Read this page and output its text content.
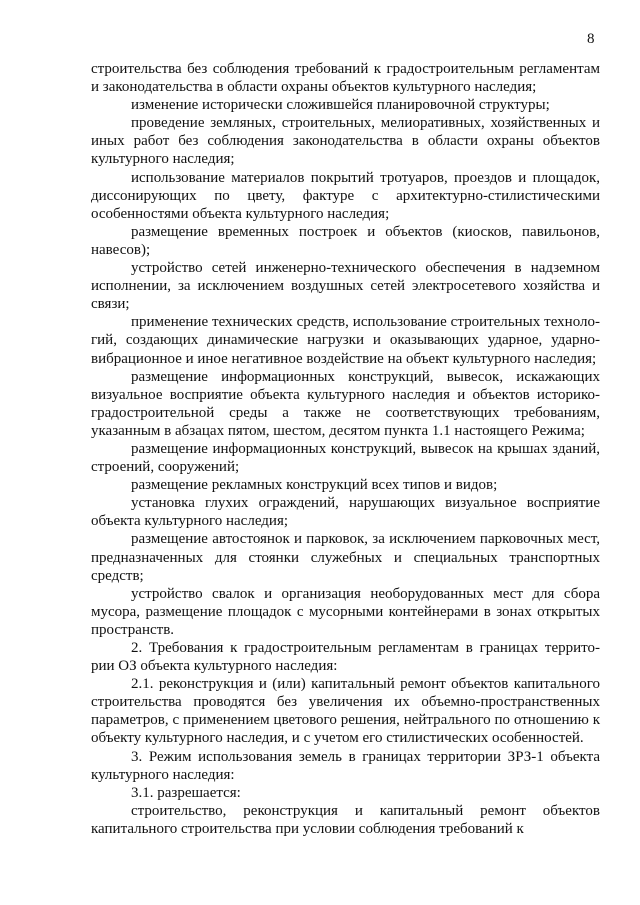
8

строительства без соблюдения требований к градостроительным регламентам и законодательства в области охраны объектов культурного наследия;

изменение исторически сложившейся планировочной структуры;

проведение земляных, строительных, мелиоративных, хозяйственных и иных работ без соблюдения законодательства в области охраны объектов культурного наследия;

использование материалов покрытий тротуаров, проездов и площадок, диссонирующих по цвету, фактуре с архитектурно-стилистическими особенностями объекта культурного наследия;

размещение временных построек и объектов (киосков, павильонов, навесов);

устройство сетей инженерно-технического обеспечения в надземном исполнении, за исключением воздушных сетей электросетевого хозяйства и связи;

применение технических средств, использование строительных техноло-гий, создающих динамические нагрузки и оказывающих ударное, ударно-вибрационное и иное негативное воздействие на объект культурного наследия;

размещение информационных конструкций, вывесок, искажающих визуальное восприятие объекта культурного наследия и объектов историко-градостроительной среды а также не соответствующих требованиям, указанным в абзацах пятом, шестом, десятом пункта 1.1 настоящего Режима;

размещение информационных конструкций, вывесок на крышах зданий, строений, сооружений;

размещение рекламных конструкций всех типов и видов;

установка глухих ограждений, нарушающих визуальное восприятие объекта культурного наследия;

размещение автостоянок и парковок, за исключением парковочных мест, предназначенных для стоянки служебных и специальных транспортных средств;

устройство свалок и организация необорудованных мест для сбора мусора, размещение площадок с мусорными контейнерами в зонах открытых пространств.

2. Требования к градостроительным регламентам в границах террито-рии ОЗ объекта культурного наследия:

2.1. реконструкция и (или) капитальный ремонт объектов капитального строительства проводятся без увеличения их объемно-пространственных параметров, с применением цветового решения, нейтрального по отношению к объекту культурного наследия, и с учетом его стилистических особенностей.

3. Режим использования земель в границах территории ЗРЗ-1 объекта культурного наследия:

3.1. разрешается:

строительство, реконструкция и капитальный ремонт объектов капитального строительства при условии соблюдения требований к
